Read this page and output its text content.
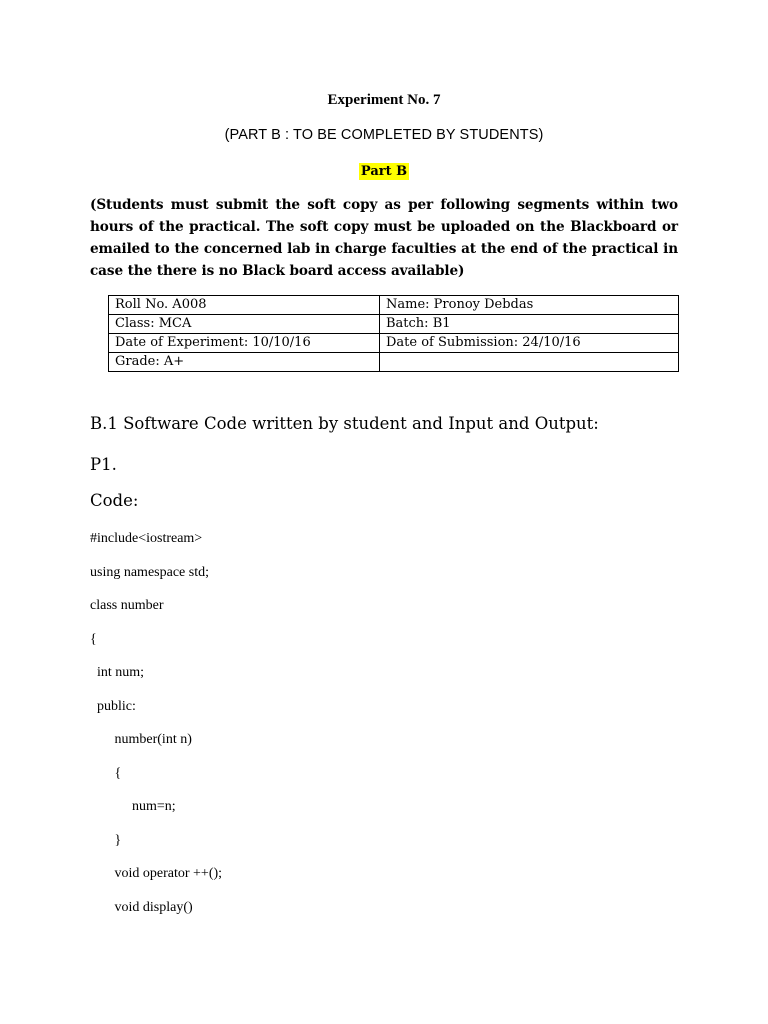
Experiment No. 7
(PART B : TO BE COMPLETED BY STUDENTS)
Part B
(Students must submit the soft copy as per following segments within two hours of the practical. The soft copy must be uploaded on the Blackboard or emailed to the concerned lab in charge faculties at the end of the practical in case the there is no Black board access available)
Roll No. A008	Name: Pronoy Debdas
Class: MCA	Batch: B1
Date of Experiment: 10/10/16	Date of Submission: 24/10/16
Grade: A+	
B.1 Software Code written by student and Input and Output:
P1.
Code:
#include<iostream>
using namespace std;
class number
{
int num;
public:
number(int n)
{
num=n;
}
void operator ++();
void display()
